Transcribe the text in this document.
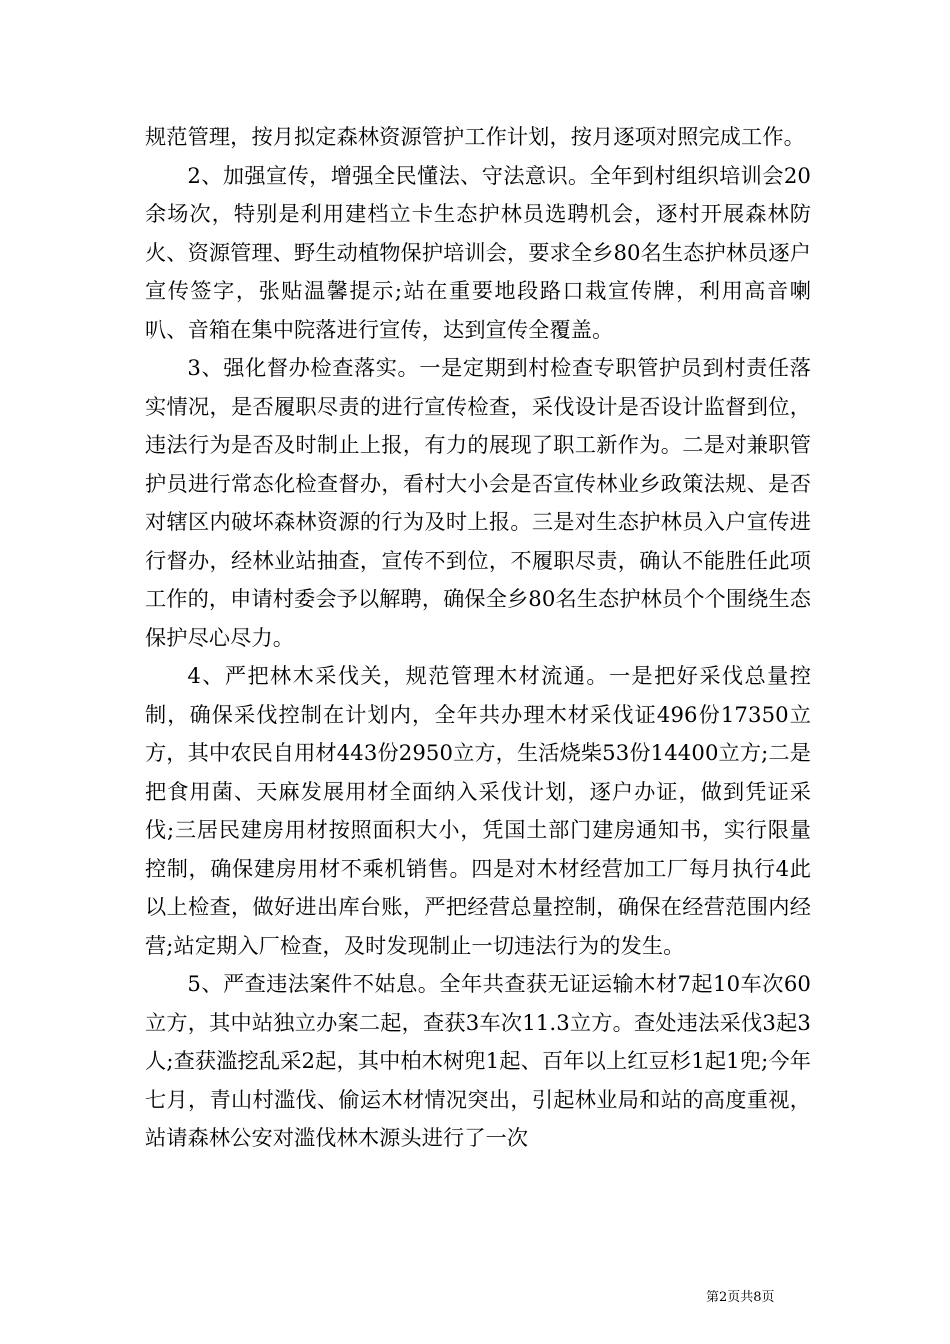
规范管理，按月拟定森林资源管护工作计划，按月逐项对照完成工作。

2、加强宣传，增强全民懂法、守法意识。全年到村组织培训会20余场次，特别是利用建档立卡生态护林员选聘机会，逐村开展森林防火、资源管理、野生动植物保护培训会，要求全乡80名生态护林员逐户宣传签字，张贴温馨提示;站在重要地段路口栽宣传牌，利用高音喇叭、音箱在集中院落进行宣传，达到宣传全覆盖。

3、强化督办检查落实。一是定期到村检查专职管护员到村责任落实情况，是否履职尽责的进行宣传检查，采伐设计是否设计监督到位，违法行为是否及时制止上报，有力的展现了职工新作为。二是对兼职管护员进行常态化检查督办，看村大小会是否宣传林业乡政策法规、是否对辖区内破坏森林资源的行为及时上报。三是对生态护林员入户宣传进行督办，经林业站抽查，宣传不到位，不履职尽责，确认不能胜任此项工作的，申请村委会予以解聘，确保全乡80名生态护林员个个围绕生态保护尽心尽力。

4、严把林木采伐关，规范管理木材流通。一是把好采伐总量控制，确保采伐控制在计划内，全年共办理木材采伐证496份17350立方，其中农民自用材443份2950立方，生活烧柴53份14400立方;二是把食用菌、天麻发展用材全面纳入采伐计划，逐户办证，做到凭证采伐;三居民建房用材按照面积大小，凭国土部门建房通知书，实行限量控制，确保建房用材不乘机销售。四是对木材经营加工厂每月执行4此以上检查，做好进出库台账，严把经营总量控制，确保在经营范围内经营;站定期入厂检查，及时发现制止一切违法行为的发生。

5、严查违法案件不姑息。全年共查获无证运输木材7起10车次60立方，其中站独立办案二起，查获3车次11.3立方。查处违法采伐3起3人;查获滥挖乱采2起，其中柏木树兜1起、百年以上红豆杉1起1兜;今年七月，青山村滥伐、偷运木材情况突出，引起林业局和站的高度重视，站请森林公安对滥伐林木源头进行了一次

第2页共8页
